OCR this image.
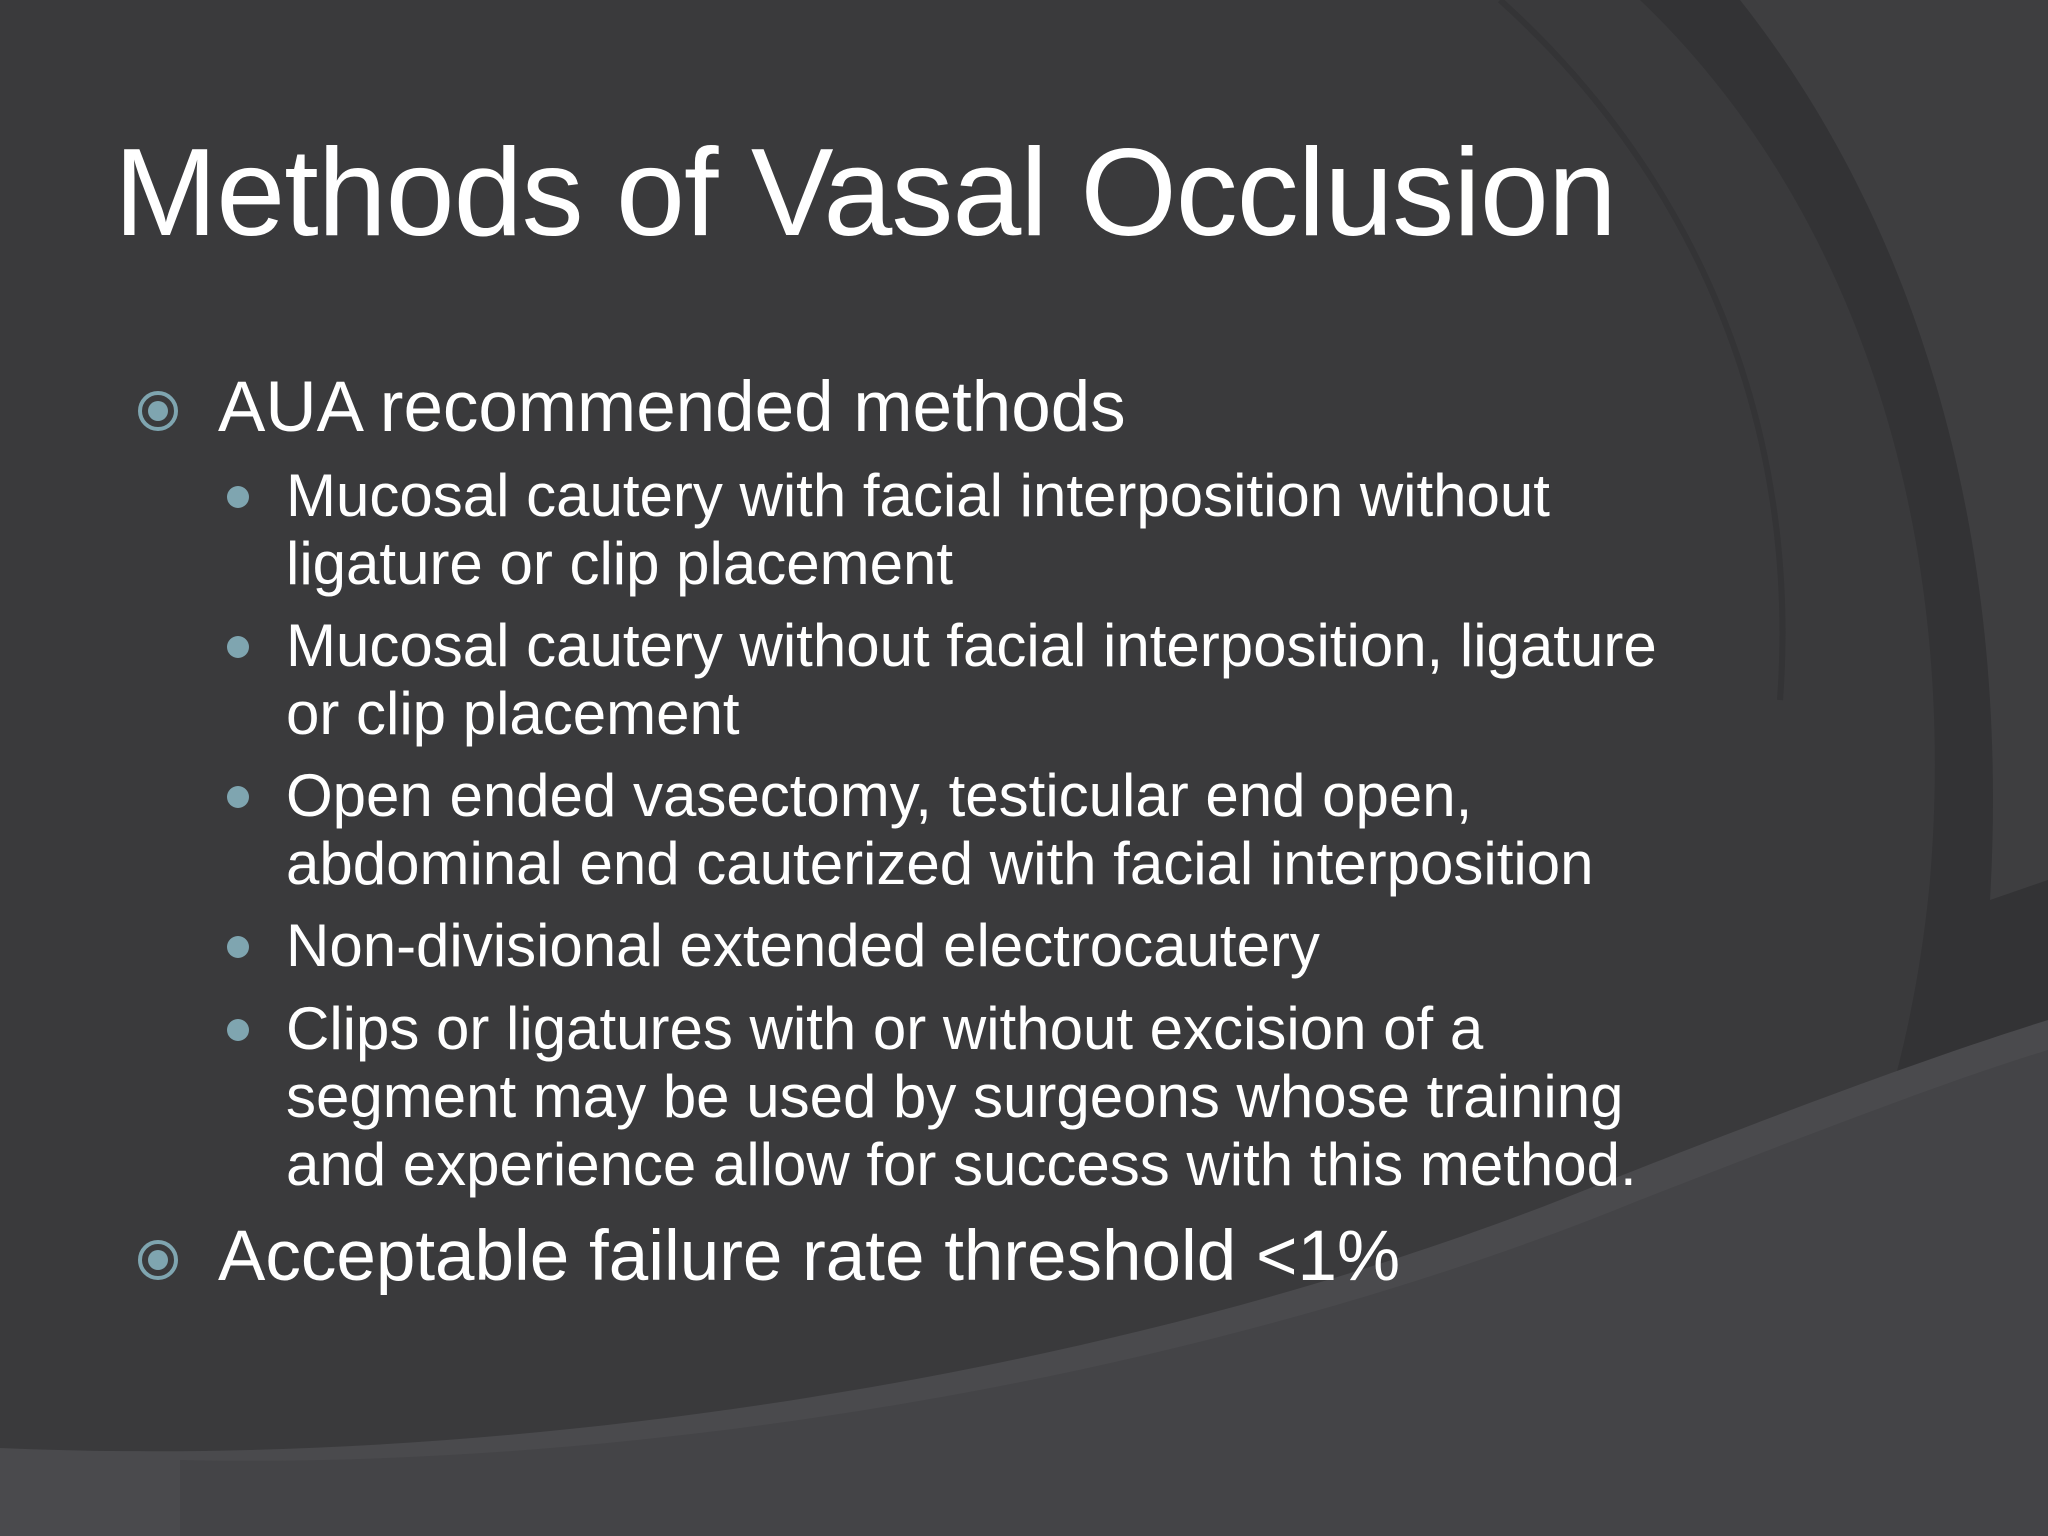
Methods of Vasal Occlusion
AUA recommended methods
Mucosal cautery with facial interposition without
ligature or clip placement
Mucosal cautery without facial interposition, ligature
or clip placement
Open ended vasectomy, testicular end open,
abdominal end cauterized with facial interposition
Non-divisional extended electrocautery
Clips or ligatures with or without excision of a
segment may be used by surgeons whose training
and experience allow for success with this method.
Acceptable failure rate threshold <1%
